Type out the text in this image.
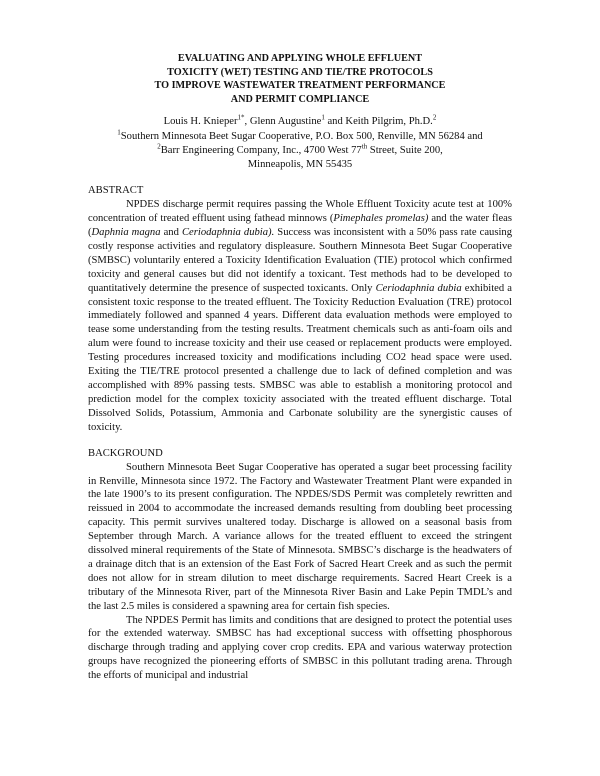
EVALUATING AND APPLYING WHOLE EFFLUENT
TOXICITY (WET) TESTING AND TIE/TRE PROTOCOLS
TO IMPROVE WASTEWATER TREATMENT PERFORMANCE
AND PERMIT COMPLIANCE
Louis H. Knieper$^{1*}$, Glenn Augustine$^1$ and Keith Pilgrim, Ph.D.$^2$
$^1$Southern Minnesota Beet Sugar Cooperative, P.O. Box 500, Renville, MN 56284 and
$^2$Barr Engineering Company, Inc., 4700 West 77th Street, Suite 200,
Minneapolis, MN 55435

ABSTRACT

NPDES discharge permit requires passing the Whole Effluent Toxicity acute test at 100% concentration of treated effluent using fathead minnows (Pimephales promelas) and the water fleas (Daphnia magna and Ceriodaphnia dubia). Success was inconsistent with a 50% pass rate causing costly response activities and regulatory displeasure. Southern Minnesota Beet Sugar Cooperative (SMBSC) voluntarily entered a Toxicity Identification Evaluation (TIE) protocol which confirmed toxicity and general causes but did not identify a toxicant. Test methods had to be developed to quantitatively determine the presence of suspected toxicants. Only Ceriodaphnia dubia exhibited a consistent toxic response to the treated effluent. The Toxicity Reduction Evaluation (TRE) protocol immediately followed and spanned 4 years. Different data evaluation methods were employed to tease some understanding from the testing results. Treatment chemicals such as anti-foam oils and alum were found to increase toxicity and their use ceased or replacement products were employed. Testing procedures increased toxicity and modifications including CO2 head space were used. Exiting the TIE/TRE protocol presented a challenge due to lack of defined completion and was accomplished with 89% passing tests. SMBSC was able to establish a monitoring protocol and prediction model for the complex toxicity associated with the treated effluent discharge. Total Dissolved Solids, Potassium, Ammonia and Carbonate solubility are the synergistic causes of toxicity.

BACKGROUND

Southern Minnesota Beet Sugar Cooperative has operated a sugar beet processing facility in Renville, Minnesota since 1972. The Factory and Wastewater Treatment Plant were expanded in the late 1900’s to its present configuration. The NPDES/SDS Permit was completely rewritten and reissued in 2004 to accommodate the increased demands resulting from doubling beet processing capacity. This permit survives unaltered today. Discharge is allowed on a seasonal basis from September through March. A variance allows for the treated effluent to exceed the stringent dissolved mineral requirements of the State of Minnesota. SMBSC’s discharge is the headwaters of a drainage ditch that is an extension of the East Fork of Sacred Heart Creek and as such the permit does not allow for in stream dilution to meet discharge requirements. Sacred Heart Creek is a tributary of the Minnesota River, part of the Minnesota River Basin and Lake Pepin TMDL’s and the last 2.5 miles is considered a spawning area for certain fish species.

The NPDES Permit has limits and conditions that are designed to protect the potential uses for the extended waterway. SMBSC has had exceptional success with offsetting phosphorous discharge through trading and applying cover crop credits. EPA and various waterway protection groups have recognized the pioneering efforts of SMBSC in this pollutant trading arena. Through the efforts of municipal and industrial
